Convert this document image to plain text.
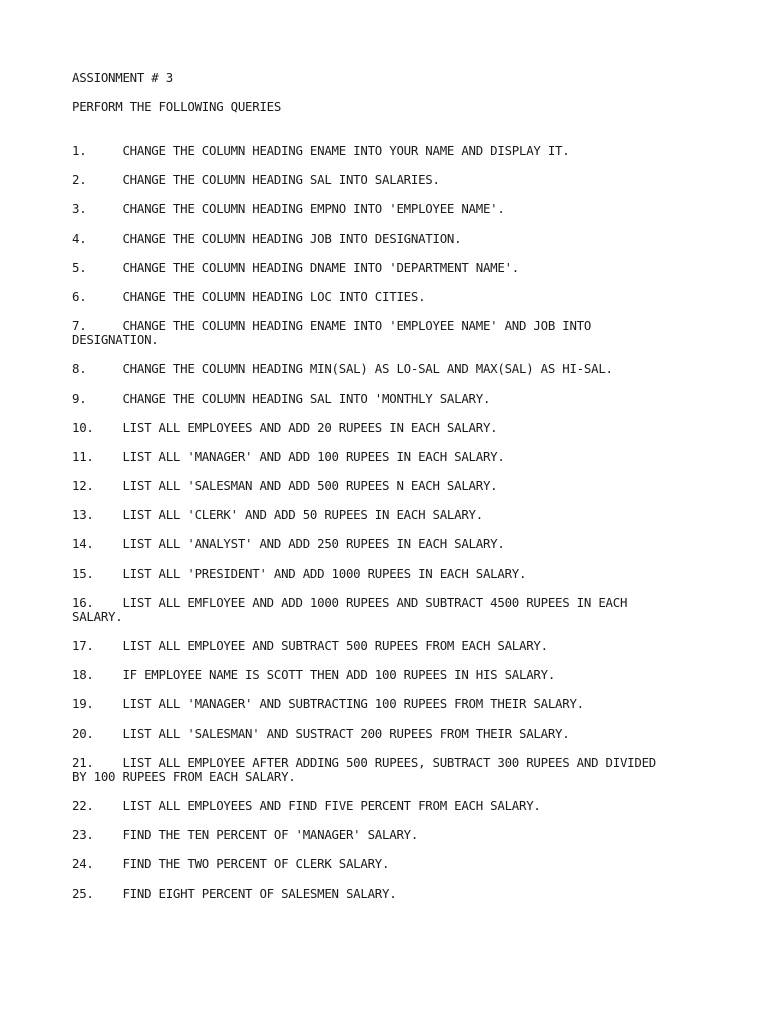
ASSIONMENT # 3
PERFORM THE FOLLOWING QUERIES
1.     CHANGE THE COLUMN HEADING ENAME INTO YOUR NAME AND DISPLAY IT.
2.     CHANGE THE COLUMN HEADING SAL INTO SALARIES.
3.     CHANGE THE COLUMN HEADING EMPNO INTO 'EMPLOYEE NAME'.
4.     CHANGE THE COLUMN HEADING JOB INTO DESIGNATION.
5.     CHANGE THE COLUMN HEADING DNAME INTO 'DEPARTMENT NAME'.
6.     CHANGE THE COLUMN HEADING LOC INTO CITIES.
7.     CHANGE THE COLUMN HEADING ENAME INTO 'EMPLOYEE NAME' AND JOB INTO
DESIGNATION.
8.     CHANGE THE COLUMN HEADING MIN(SAL) AS LO-SAL AND MAX(SAL) AS HI-SAL.
9.     CHANGE THE COLUMN HEADING SAL INTO 'MONTHLY SALARY.
10.    LIST ALL EMPLOYEES AND ADD 20 RUPEES IN EACH SALARY.
11.    LIST ALL 'MANAGER' AND ADD 100 RUPEES IN EACH SALARY.
12.    LIST ALL 'SALESMAN AND ADD 500 RUPEES N EACH SALARY.
13.    LIST ALL 'CLERK' AND ADD 50 RUPEES IN EACH SALARY.
14.    LIST ALL 'ANALYST' AND ADD 250 RUPEES IN EACH SALARY.
15.    LIST ALL 'PRESIDENT' AND ADD 1000 RUPEES IN EACH SALARY.
16.    LIST ALL EMFLOYEE AND ADD 1000 RUPEES AND SUBTRACT 4500 RUPEES IN EACH
SALARY.
17.    LIST ALL EMPLOYEE AND SUBTRACT 500 RUPEES FROM EACH SALARY.
18.    IF EMPLOYEE NAME IS SCOTT THEN ADD 100 RUPEES IN HIS SALARY.
19.    LIST ALL 'MANAGER' AND SUBTRACTING 100 RUPEES FROM THEIR SALARY.
20.    LIST ALL 'SALESMAN' AND SUSTRACT 200 RUPEES FROM THEIR SALARY.
21.    LIST ALL EMPLOYEE AFTER ADDING 500 RUPEES, SUBTRACT 300 RUPEES AND DIVIDED
BY 100 RUPEES FROM EACH SALARY.
22.    LIST ALL EMPLOYEES AND FIND FIVE PERCENT FROM EACH SALARY.
23.    FIND THE TEN PERCENT OF 'MANAGER' SALARY.
24.    FIND THE TWO PERCENT OF CLERK SALARY.
25.    FIND EIGHT PERCENT OF SALESMEN SALARY.
